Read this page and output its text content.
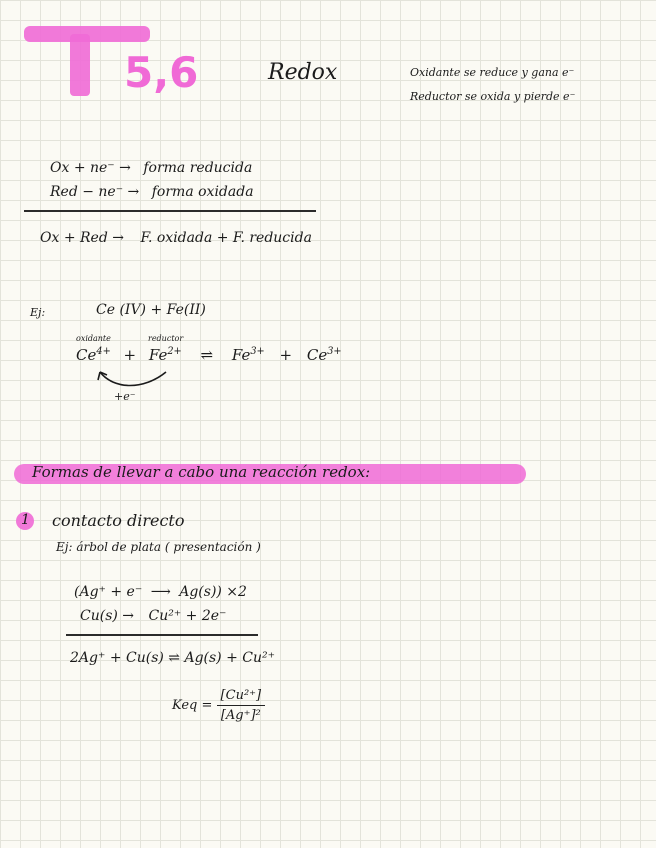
5,6	Redox	Oxidante se reduce y gana e⁻
Reductor se oxida y pierde e⁻
Ox + ne⁻ → forma reducida
Red − ne⁻ → forma oxidada
Ox + Red → F. oxidada + F. reducida
Ej:	Ce (IV) + Fe(II)
oxidante	reductor
$Ce^{4+} + Fe^{2+}$ ⇌ $Fe^{3+} + Ce^{3+}$
+e⁻
Formas de llevar a cabo una reacción redox:
1 contacto directo
Ej: árbol de plata ( presentación )
(Ag⁺ + e⁻ ⟶ Ag(s)) ×2
Cu(s) → Cu²⁺ + 2e⁻
2Ag⁺ + Cu(s) ⇌ Ag(s) + Cu²⁺
Keq = $\frac{\text{[Cu²⁺]}}{\text{[Ag⁺]²}}$
